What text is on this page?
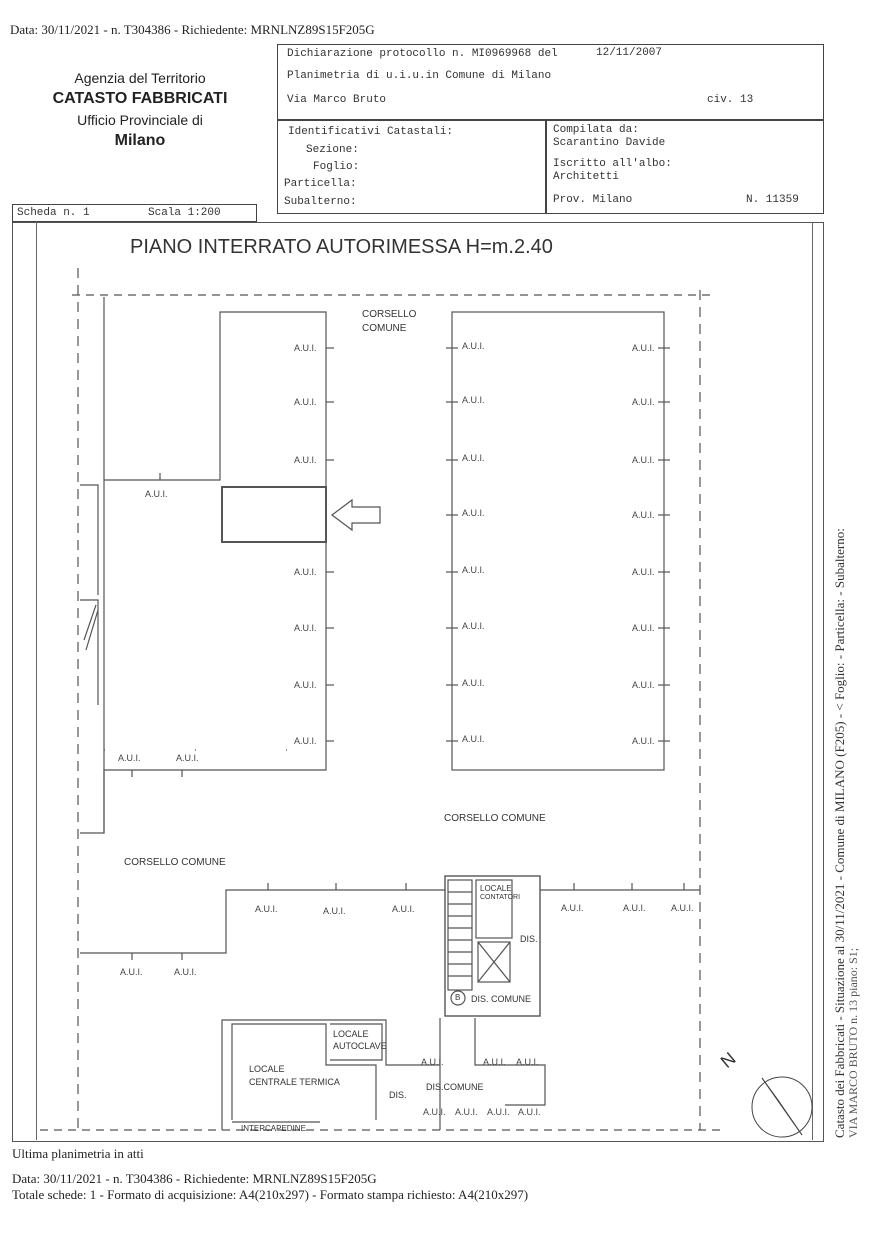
Data: 30/11/2021 - n. T304386 - Richiedente: MRNLNZ89S15F205G
Agenzia del Territorio
CATASTO FABBRICATI
Ufficio Provinciale di
Milano
Dichiarazione protocollo n. MI0969968 del	12/11/2007
Planimetria di u.i.u.in Comune di Milano
Via Marco Bruto	civ. 13
Identificativi Catastali:
Sezione:
Foglio:
Particella:
Subalterno:
Compilata da:
Scarantino Davide
Iscritto all'albo:
Architetti
Prov. Milano	N. 11359
Scheda n. 1	Scala 1:200
PIANO INTERRATO AUTORIMESSA H=m.2.40
A.U.I.
A.U.I.
A.U.I.
A.U.I.
A.U.I.
A.U.I.
A.U.I.
A.U.I.
A.U.I.	A.U.I.
A.U.I.	A.U.I.
A.U.I.	A.U.I.
A.U.I.	A.U.I.
A.U.I.	A.U.I.
A.U.I.	A.U.I.
A.U.I.	A.U.I.
A.U.I.	A.U.I.
A.U.I.	A.U.I.
A.U.I.	A.U.I.	A.U.I.	A.U.I.	A.U.I.	A.U.I.
A.U.I.	A.U.I.
A.U.I.	A.U.I. A.U.I.
A.U.I. A.U.I. A.U.I. A.U.I.
CORSELLO
COMUNE
CORSELLO COMUNE
CORSELLO COMUNE
LOCALE
CONTATORI
DIS.
B DIS. COMUNE
LOCALE
AUTOCLAVE
LOCALE
CENTRALE TERMICA
DIS.
DIS.COMUNE
INTERCAPEDINE
N	Catasto dei Fabbricati - Situazione al 30/11/2021 - Comune di MILANO (F205) - < Foglio: - Particella: - Subalterno: VIA MARCO BRUTO n. 13 piano: S1;
Ultima planimetria in atti
Data: 30/11/2021 - n. T304386 - Richiedente: MRNLNZ89S15F205G
Totale schede: 1 - Formato di acquisizione: A4(210x297) - Formato stampa richiesto: A4(210x297)
